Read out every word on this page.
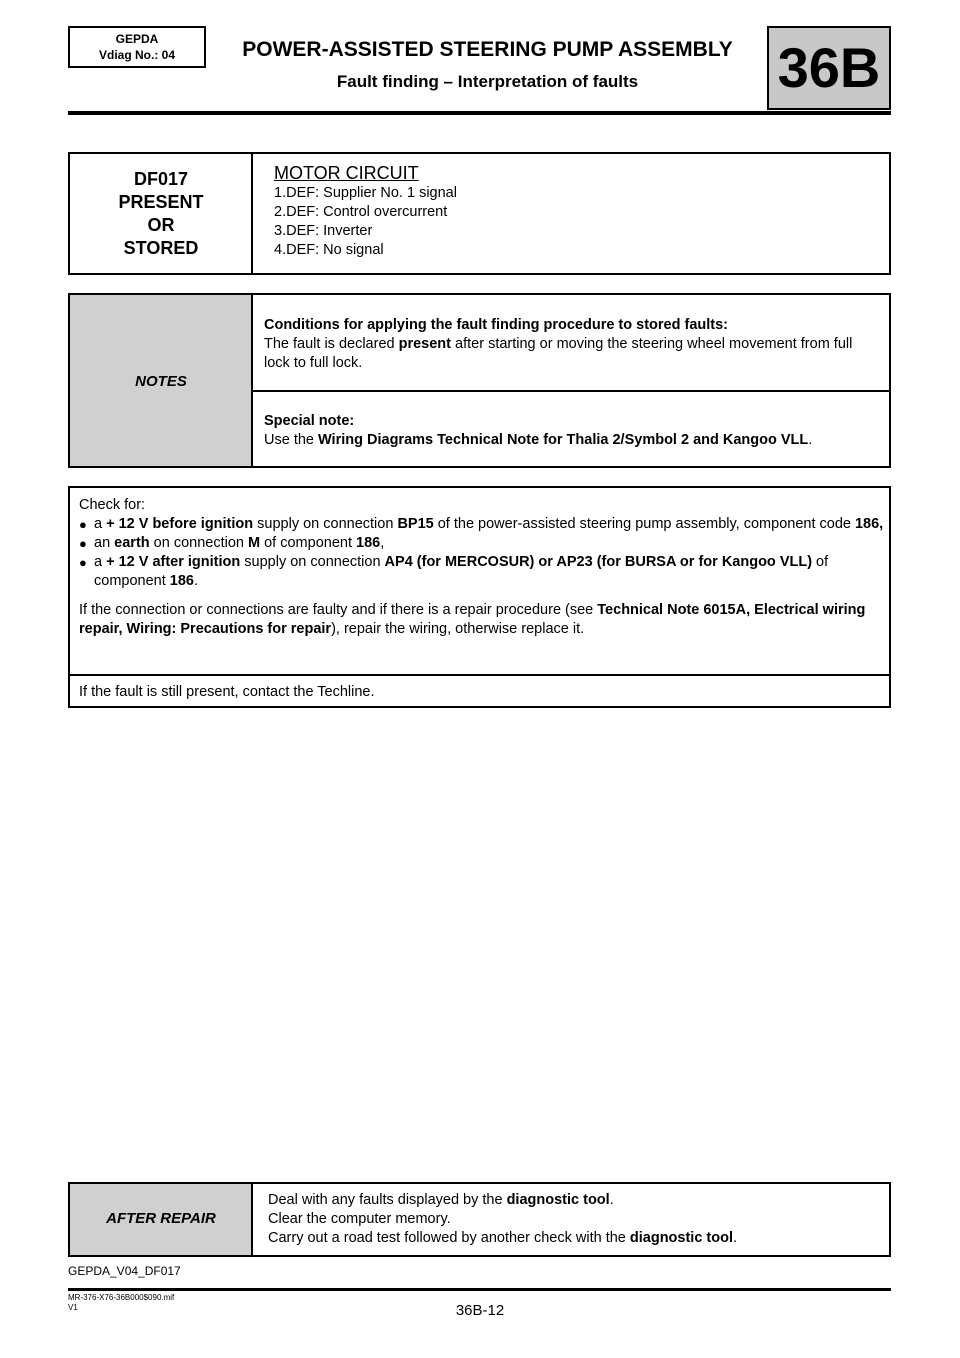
GEPDA
Vdiag No.: 04	POWER-ASSISTED STEERING PUMP ASSEMBLY
Fault finding – Interpretation of faults	36B
DF017
PRESENT
OR
STORED
MOTOR CIRCUIT
1.DEF: Supplier No. 1 signal
2.DEF: Control overcurrent
3.DEF: Inverter
4.DEF: No signal
NOTES
Conditions for applying the fault finding procedure to stored faults:
The fault is declared present after starting or moving the steering wheel movement from full lock to full lock.
Special note:
Use the Wiring Diagrams Technical Note for Thalia 2/Symbol 2 and Kangoo VLL.
Check for:
● a + 12 V before ignition supply on connection BP15 of the power-assisted steering pump assembly, component code 186,
● an earth on connection M of component 186,
● a + 12 V after ignition supply on connection AP4 (for MERCOSUR) or AP23 (for BURSA or for Kangoo VLL) of component 186.
If the connection or connections are faulty and if there is a repair procedure (see Technical Note 6015A, Electrical wiring repair, Wiring: Precautions for repair), repair the wiring, otherwise replace it.
If the fault is still present, contact the Techline.
AFTER REPAIR
Deal with any faults displayed by the diagnostic tool.
Clear the computer memory.
Carry out a road test followed by another check with the diagnostic tool.
GEPDA_V04_DF017
MR-376-X76-36B000$090.mif
V1	36B-12
